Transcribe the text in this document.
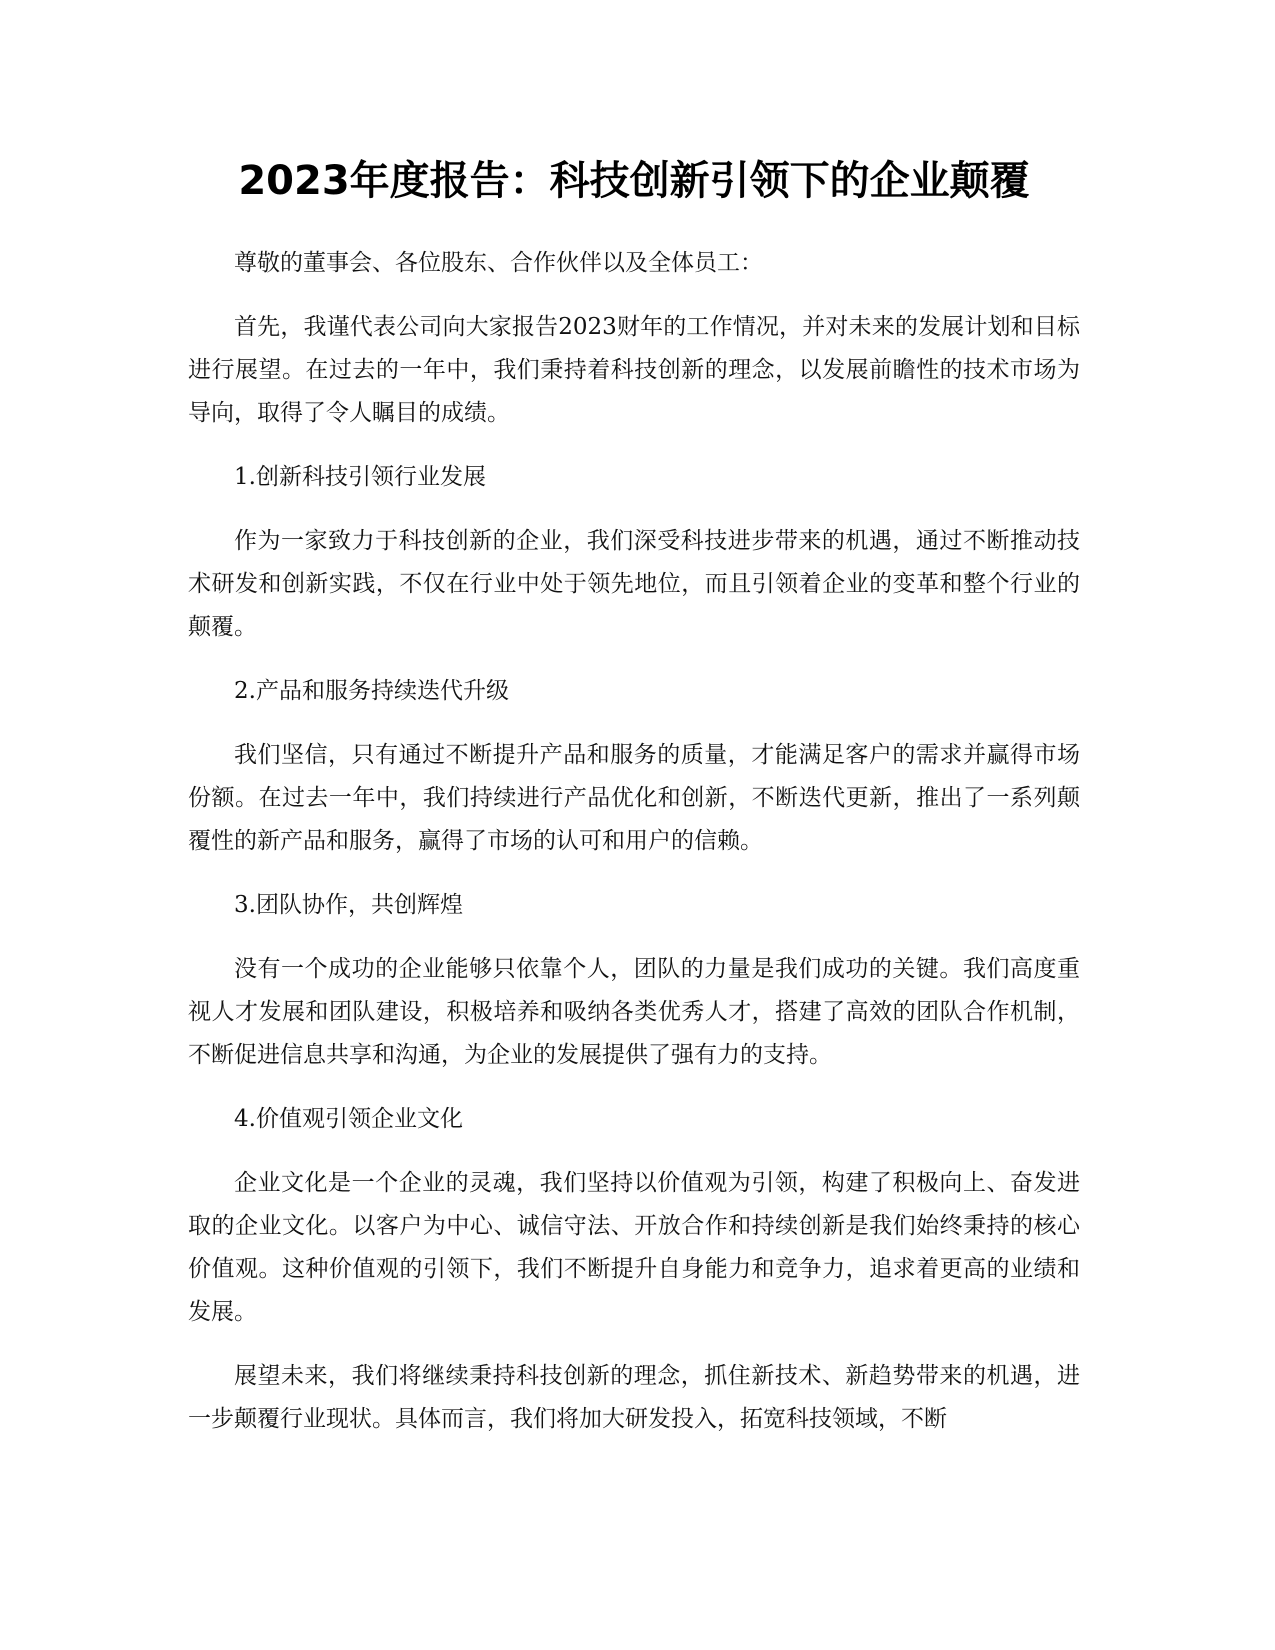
2023年度报告：科技创新引领下的企业颠覆

尊敬的董事会、各位股东、合作伙伴以及全体员工：

首先，我谨代表公司向大家报告2023财年的工作情况，并对未来的发展计划和目标进行展望。在过去的一年中，我们秉持着科技创新的理念，以发展前瞻性的技术市场为导向，取得了令人瞩目的成绩。

1.创新科技引领行业发展

作为一家致力于科技创新的企业，我们深受科技进步带来的机遇，通过不断推动技术研发和创新实践，不仅在行业中处于领先地位，而且引领着企业的变革和整个行业的颠覆。

2.产品和服务持续迭代升级

我们坚信，只有通过不断提升产品和服务的质量，才能满足客户的需求并赢得市场份额。在过去一年中，我们持续进行产品优化和创新，不断迭代更新，推出了一系列颠覆性的新产品和服务，赢得了市场的认可和用户的信赖。

3.团队协作，共创辉煌

没有一个成功的企业能够只依靠个人，团队的力量是我们成功的关键。我们高度重视人才发展和团队建设，积极培养和吸纳各类优秀人才，搭建了高效的团队合作机制，不断促进信息共享和沟通，为企业的发展提供了强有力的支持。

4.价值观引领企业文化

企业文化是一个企业的灵魂，我们坚持以价值观为引领，构建了积极向上、奋发进取的企业文化。以客户为中心、诚信守法、开放合作和持续创新是我们始终秉持的核心价值观。这种价值观的引领下，我们不断提升自身能力和竞争力，追求着更高的业绩和发展。

展望未来，我们将继续秉持科技创新的理念，抓住新技术、新趋势带来的机遇，进一步颠覆行业现状。具体而言，我们将加大研发投入，拓宽科技领域，不断
